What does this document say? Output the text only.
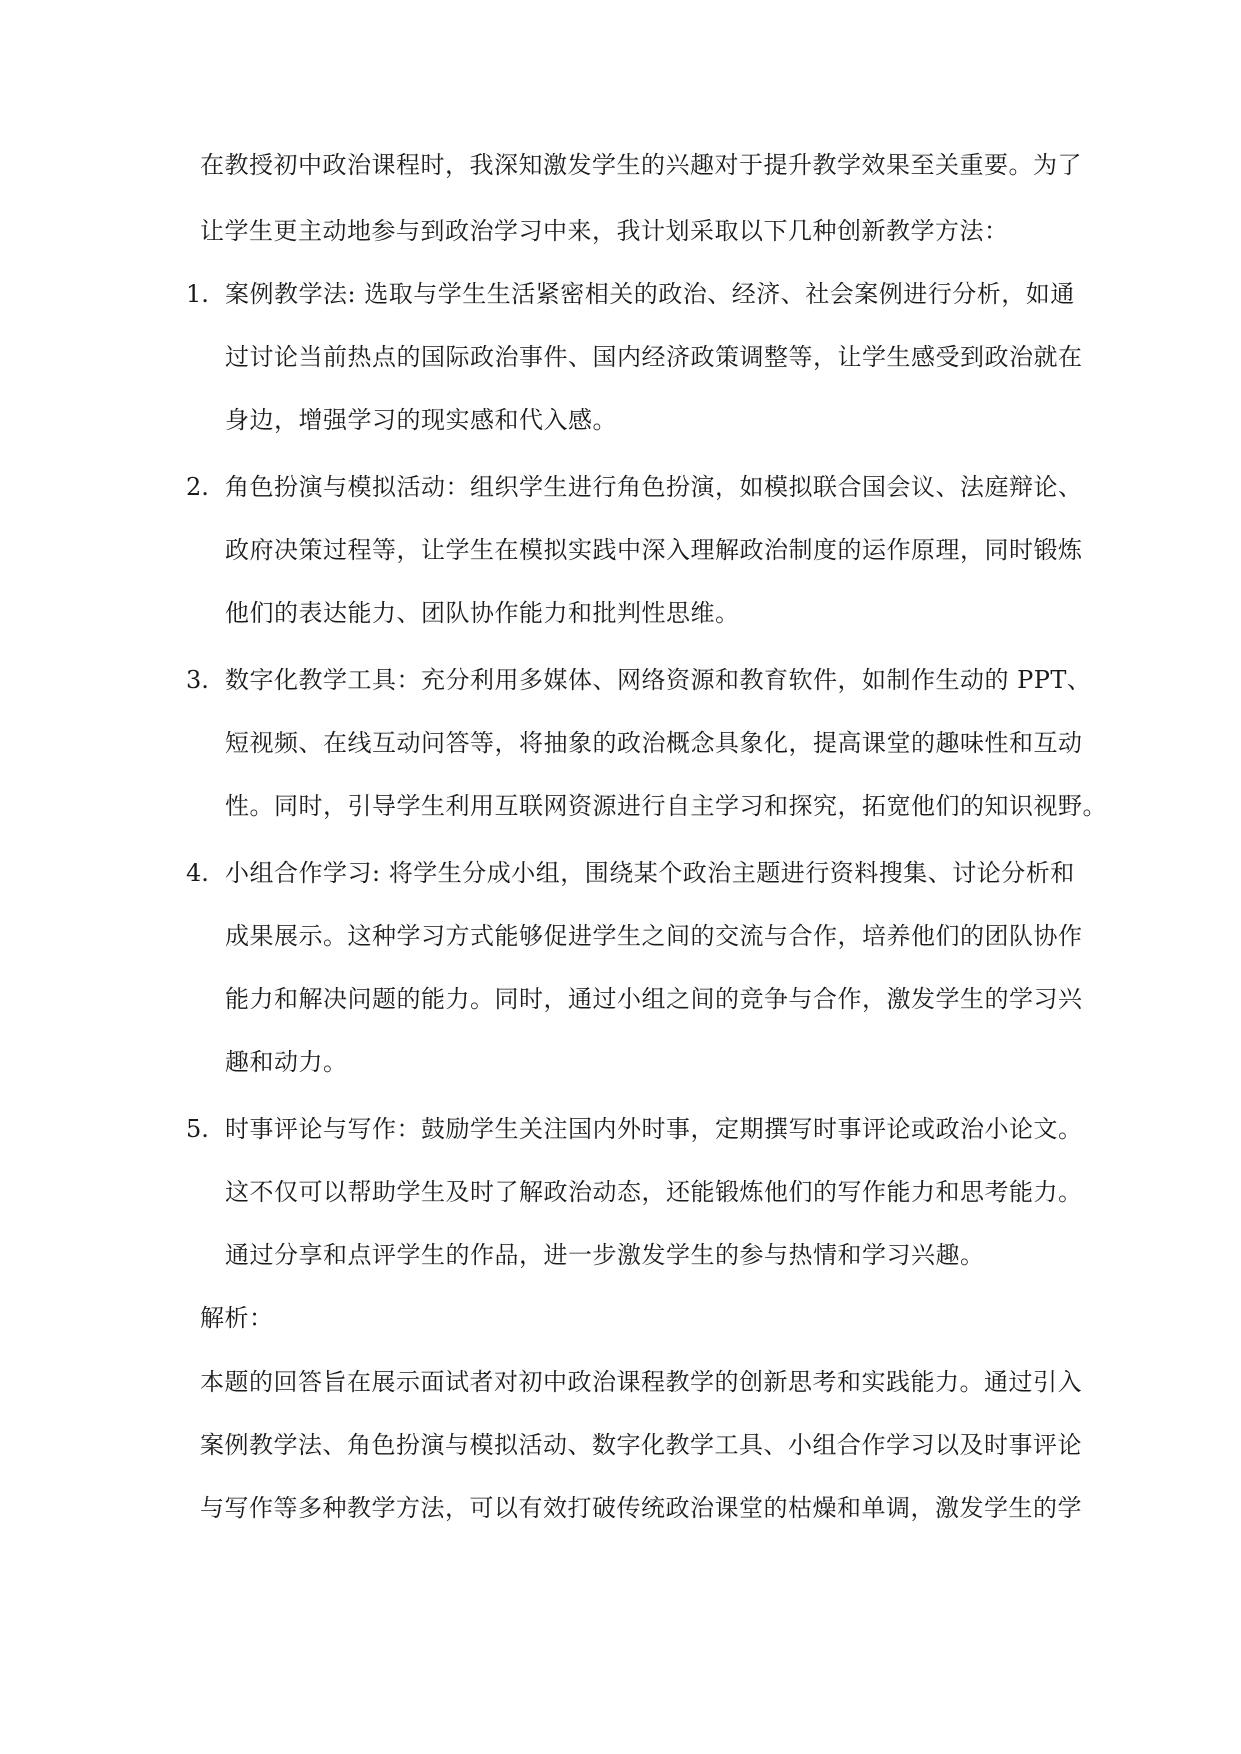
在教授初中政治课程时，我深知激发学生的兴趣对于提升教学效果至关重要。为了
让学生更主动地参与到政治学习中来，我计划采取以下几种创新教学方法：
1. 案例教学法: 选取与学生生活紧密相关的政治、经济、社会案例进行分析，如通
过讨论当前热点的国际政治事件、国内经济政策调整等，让学生感受到政治就在
身边，增强学习的现实感和代入感。
2. 角色扮演与模拟活动：组织学生进行角色扮演，如模拟联合国会议、法庭辩论、
政府决策过程等，让学生在模拟实践中深入理解政治制度的运作原理，同时锻炼
他们的表达能力、团队协作能力和批判性思维。
3. 数字化教学工具：充分利用多媒体、网络资源和教育软件，如制作生动的 PPT、
短视频、在线互动问答等，将抽象的政治概念具象化，提高课堂的趣味性和互动
性。同时，引导学生利用互联网资源进行自主学习和探究，拓宽他们的知识视野。
4. 小组合作学习: 将学生分成小组，围绕某个政治主题进行资料搜集、讨论分析和
成果展示。这种学习方式能够促进学生之间的交流与合作，培养他们的团队协作
能力和解决问题的能力。同时，通过小组之间的竞争与合作，激发学生的学习兴
趣和动力。
5. 时事评论与写作：鼓励学生关注国内外时事，定期撰写时事评论或政治小论文。
这不仅可以帮助学生及时了解政治动态，还能锻炼他们的写作能力和思考能力。
通过分享和点评学生的作品，进一步激发学生的参与热情和学习兴趣。
解析：
本题的回答旨在展示面试者对初中政治课程教学的创新思考和实践能力。通过引入
案例教学法、角色扮演与模拟活动、数字化教学工具、小组合作学习以及时事评论
与写作等多种教学方法，可以有效打破传统政治课堂的枯燥和单调，激发学生的学
